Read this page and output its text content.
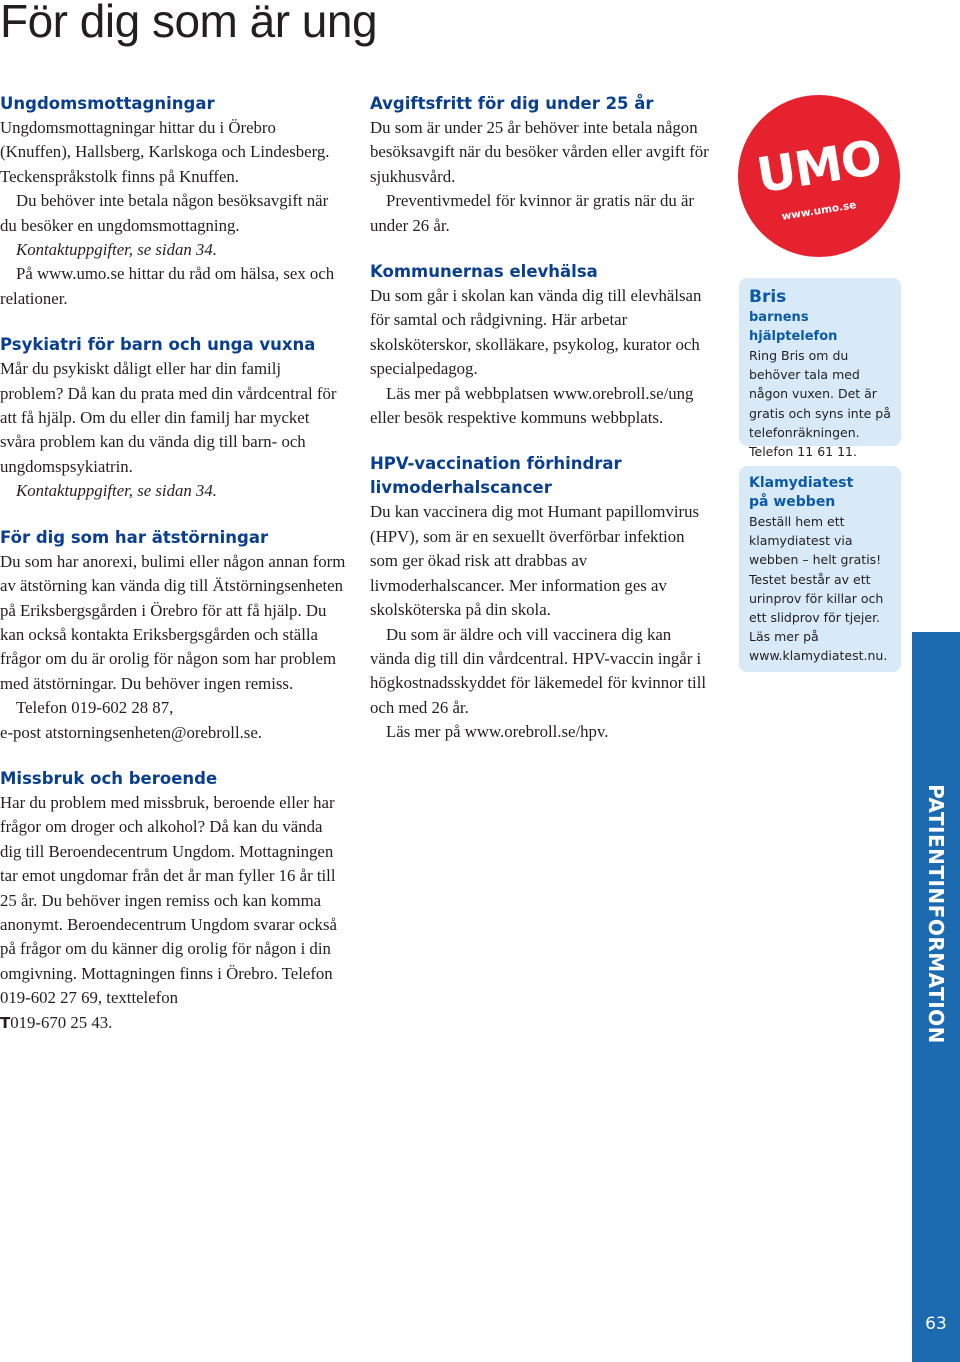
För dig som är ung
Ungdomsmottagningar

Ungdomsmottagningar hittar du i Örebro (Knuffen), Hallsberg, Karlskoga och Lindesberg. Teckenspråkstolk finns på Knuffen.

Du behöver inte betala någon besöksavgift när du besöker en ungdomsmottagning.

Kontaktuppgifter, se sidan 34.

På www.umo.se hittar du råd om hälsa, sex och relationer.

Psykiatri för barn och unga vuxna

Mår du psykiskt dåligt eller har din familj problem? Då kan du prata med din vårdcentral för att få hjälp. Om du eller din familj har mycket svåra problem kan du vända dig till barn- och ungdomspsykiatrin.

Kontaktuppgifter, se sidan 34.

För dig som har ätstörningar

Du som har anorexi, bulimi eller någon annan form av ätstörning kan vända dig till Ätstörningsenheten på Eriksbergsgården i Örebro för att få hjälp. Du kan också kontakta Eriksbergsgården och ställa frågor om du är orolig för någon som har problem med ätstörningar. Du behöver ingen remiss.

Telefon 019-602 28 87,

e-post atstorningsenheten@orebroll.se.

Missbruk och beroende

Har du problem med missbruk, beroende eller har frågor om droger och alkohol? Då kan du vända dig till Beroendecentrum Ungdom. Mottagningen tar emot ungdomar från det år man fyller 16 år till 25 år. Du behöver ingen remiss och kan komma anonymt. Beroendecentrum Ungdom svarar också på frågor om du känner dig orolig för någon i din omgivning. Mottagningen finns i Örebro. Telefon 019-602 27 69, texttelefon
T019-670 25 43.

Avgiftsfritt för dig under 25 år

Du som är under 25 år behöver inte betala någon besöksavgift när du besöker vården eller avgift för sjukhusvård.

Preventivmedel för kvinnor är gratis när du är under 26 år.

Kommunernas elevhälsa

Du som går i skolan kan vända dig till elevhälsan för samtal och rådgivning. Här arbetar skolsköterskor, skolläkare, psykolog, kurator och specialpedagog.

Läs mer på webbplatsen www.orebroll.se/ung eller besök respektive kommuns webbplats.

HPV-vaccination förhindrar livmoderhalscancer

Du kan vaccinera dig mot Humant papillomvirus (HPV), som är en sexuellt överförbar infektion som ger ökad risk att drabbas av livmoderhalscancer. Mer information ges av skolsköterska på din skola.

Du som är äldre och vill vaccinera dig kan vända dig till din vårdcentral. HPV-vaccin ingår i högkostnadsskyddet för läkemedel för kvinnor till och med 26 år.

Läs mer på www.orebroll.se/hpv.

UMO
www.umo.se
Bris
barnens hjälptelefon

Ring Bris om du behöver tala med någon vuxen. Det är gratis och syns inte på telefonräkningen. Telefon 11 61 11.

Klamydiatest
på webben

Beställ hem ett klamydiatest via webben – helt gratis! Testet består av ett urinprov för killar och ett slidprov för tjejer. Läs mer på www.klamydiatest.nu.

PATIENTINFORMATION
63
